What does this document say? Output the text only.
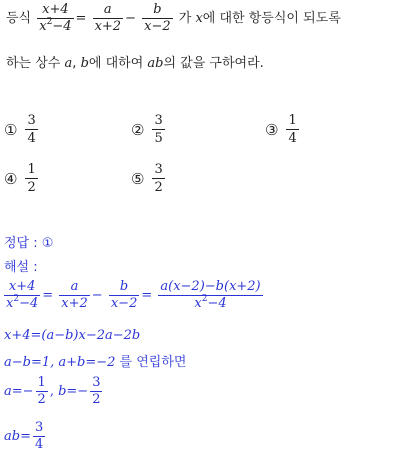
등식 $\frac{x+4}{x^2-4} = \frac{a}{x+2} - \frac{b}{x-2}$ 가 x에 대한 항등식이 되도록
하는 상수 a, b에 대하여 ab의 값을 구하여라.
① $\frac{3}{4}$	② $\frac{3}{5}$	③ $\frac{1}{4}$
④ $\frac{1}{2}$	⑤ $\frac{3}{2}$
정답 : ①
해설 :
$\frac{x+4}{x^2-4} = \frac{a}{x+2} - \frac{b}{x-2} = \frac{a(x-2)-b(x+2)}{x^2-4}$
x+4=(a−b)x−2a−2b
a−b=1, a+b=−2 를 연립하면
$a=- \frac{1}{2}$ , $b=- \frac{3}{2}$
$ab= \frac{3}{4}$
